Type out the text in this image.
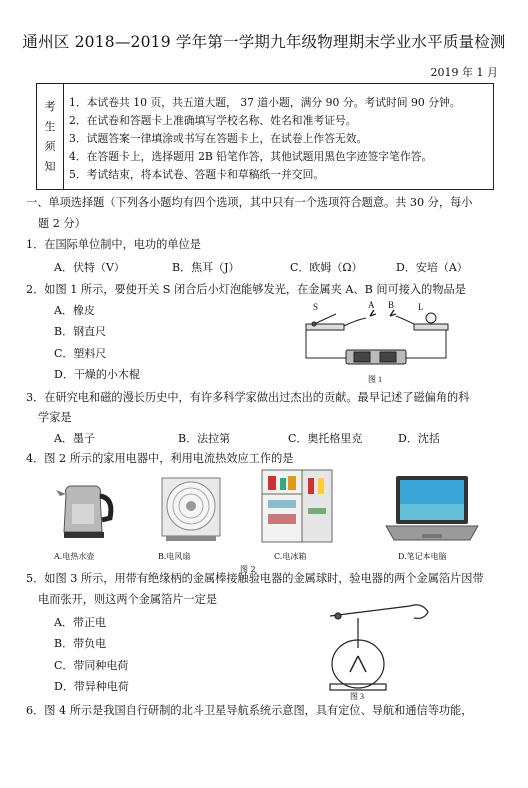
通州区 2018—2019 学年第一学期九年级物理期末学业水平质量检测
2019 年 1 月
考
生
须
知
1．本试卷共 10 页，共五道大题， 37 道小题，满分 90 分。考试时间 90 分钟。
2．在试卷和答题卡上准确填写学校名称、姓名和准考证号。
3．试题答案一律填涂或书写在答题卡上，在试卷上作答无效。
4．在答题卡上，选择题用 2B 铅笔作答，其他试题用黑色字迹签字笔作答。
5．考试结束，将本试卷、答题卡和草稿纸一并交回。
一、单项选择题（下列各小题均有四个选项，其中只有一个选项符合题意。共 30 分，每小
题 2 分）
1．在国际单位制中，电功的单位是
A．伏特（V）	B．焦耳（J）	C．欧姆（Ω）	D．安培（A）
2．如图 1 所示，要使开关 S 闭合后小灯泡能够发光，在金属夹 A、B 间可接入的物品是
A．橡皮
B．钢直尺
C．塑料尺
D．干燥的小木棍
S	A B	L
图 1
3．在研究电和磁的漫长历史中，有许多科学家做出过杰出的贡献。最早记述了磁偏角的科
学家是
A．墨子	B．法拉第	C．奥托格里克	D．沈括
4．图 2 所示的家用电器中，利用电流热效应工作的是
A.电热水壶	B.电风扇	C.电冰箱	D.笔记本电脑
图 2
5．如图 3 所示，用带有绝缘柄的金属棒接触验电器的金属球时，验电器的两个金属箔片因带
电而张开，则这两个金属箔片一定是
A．带正电
B．带负电
C．带同种电荷
D．带异种电荷
图 3
6．图 4 所示是我国自行研制的北斗卫星导航系统示意图，具有定位、导航和通信等功能，
